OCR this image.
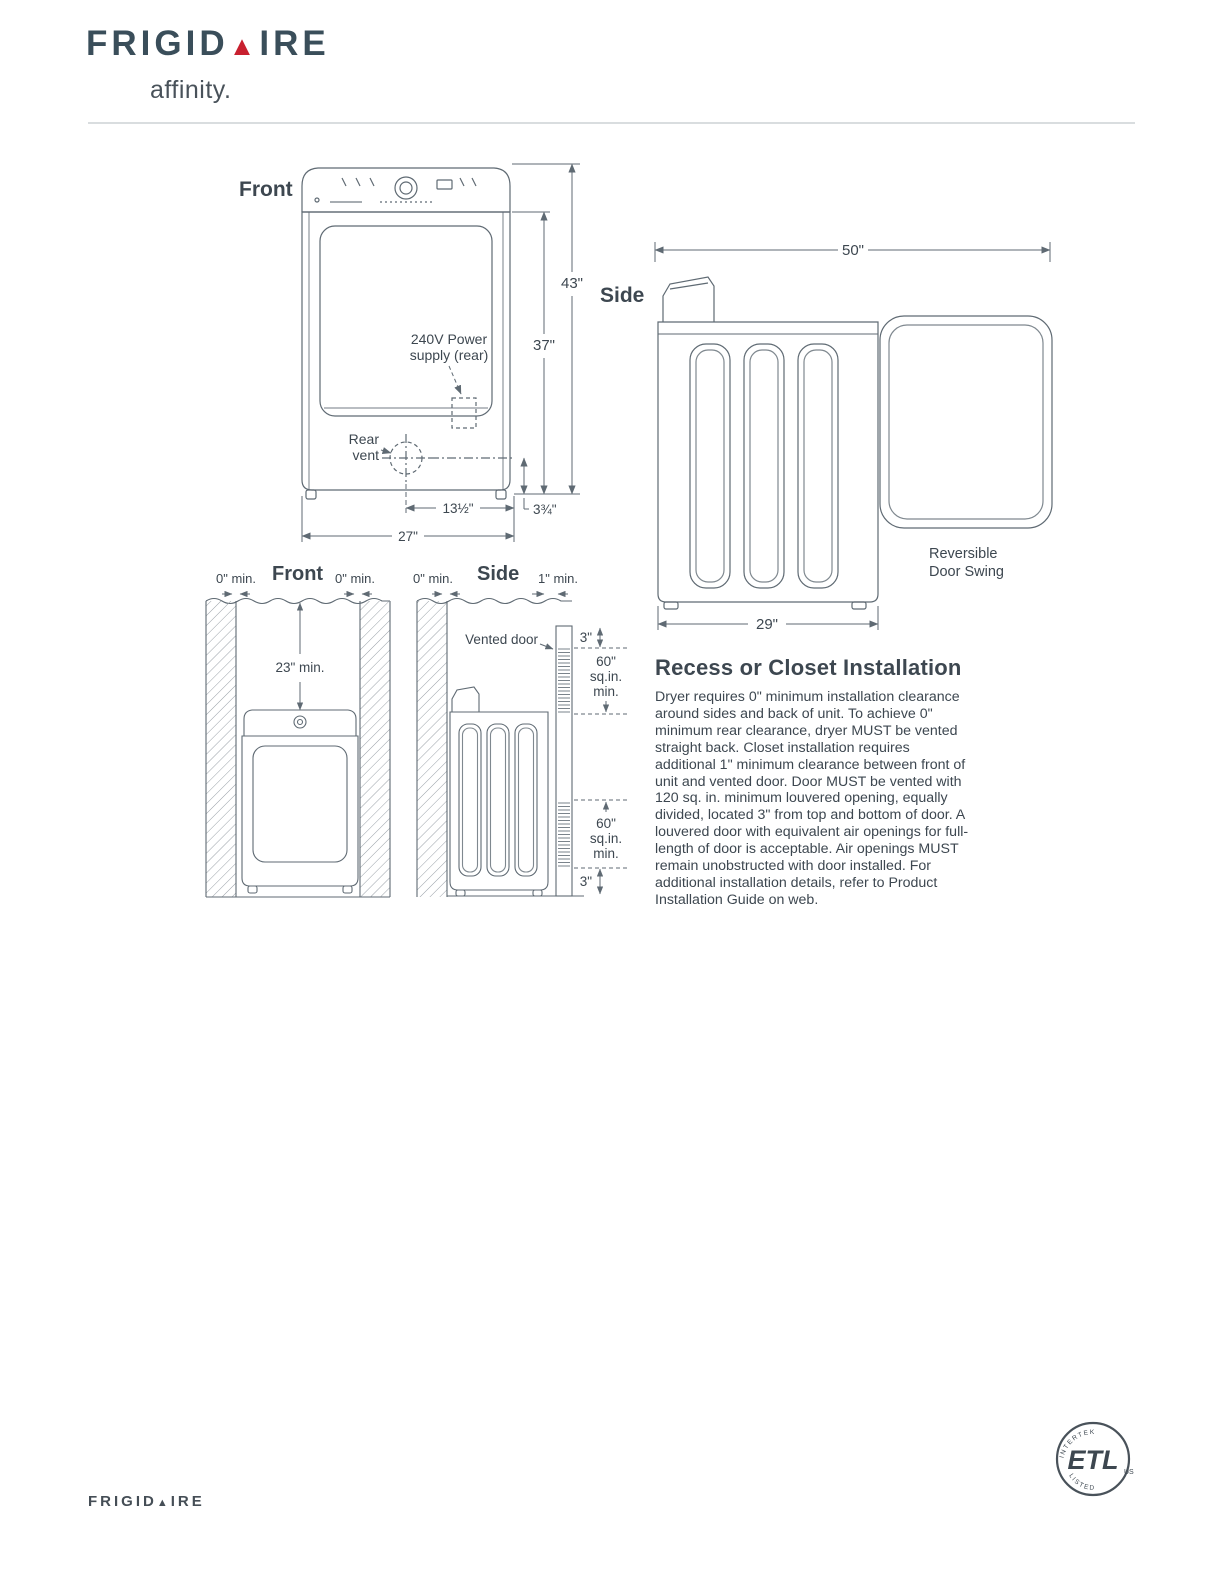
FRIGID▲IRE
affinity.
Front
43"
37"
13½"	3¾"
27"
240V Power
supply (rear)
Rear
vent
Side
50"
29"
Reversible
Door Swing
Front
0" min.	0" min.
23" min.
Side
0" min.	1" min.
Vented door	3"
60"
sq.in.
min.
60"
sq.in.
min.
3"
Recess or Closet Installation

Dryer requires 0" minimum installation clearance around sides and back of unit. To achieve 0" minimum rear clearance, dryer MUST be vented straight back. Closet installation requires additional 1" minimum clearance between front of unit and vented door. Door MUST be vented with 120 sq. in. minimum louvered opening, equally divided, located 3" from top and bottom of door. A louvered door with equivalent air openings for full-length of door is acceptable. Air openings MUST remain unobstructed with door installed. For additional installation details, refer to Product Installation Guide on web.

FRIGID▲IRE
ETL
INTERTEK
LISTED
US
